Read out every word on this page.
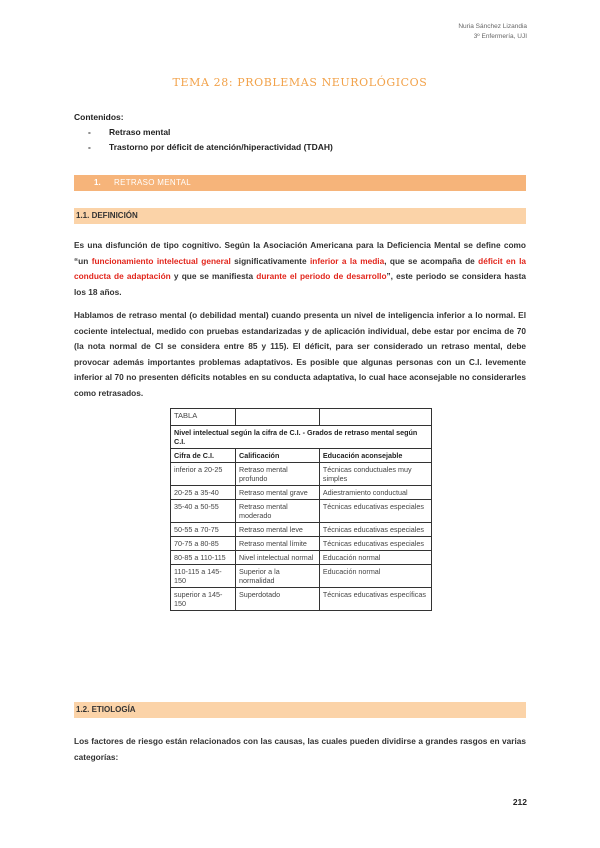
Nuria Sánchez Lizandia
3º Enfermería, UJI
TEMA 28: PROBLEMAS NEUROLÓGICOS
Contenidos:
- Retraso mental
- Trastorno por déficit de atención/hiperactividad (TDAH)
1. RETRASO MENTAL
1.1. DEFINICIÓN
Es una disfunción de tipo cognitivo. Según la Asociación Americana para la Deficiencia Mental se define como “un funcionamiento intelectual general significativamente inferior a la media, que se acompaña de déficit en la conducta de adaptación y que se manifiesta durante el periodo de desarrollo”, este periodo se considera hasta los 18 años.
Hablamos de retraso mental (o debilidad mental) cuando presenta un nivel de inteligencia inferior a lo normal. El cociente intelectual, medido con pruebas estandarizadas y de aplicación individual, debe estar por encima de 70 (la nota normal de CI se considera entre 85 y 115). El déficit, para ser considerado un retraso mental, debe provocar además importantes problemas adaptativos. Es posible que algunas personas con un C.I. levemente inferior al 70 no presenten déficits notables en su conducta adaptativa, lo cual hace aconsejable no considerarles como retrasados.
TABLA		
Nivel intelectual según la cifra de C.I. - Grados de retraso mental según C.I.		
Cifra de C.I.	Calificación	Educación aconsejable
inferior a 20-25	Retraso mental profundo	Técnicas conductuales muy simples
20-25 a 35-40	Retraso mental grave	Adiestramiento conductual
35-40 a 50-55	Retraso mental moderado	Técnicas educativas especiales
50-55 a 70-75	Retraso mental leve	Técnicas educativas especiales
70-75 a 80-85	Retraso mental límite	Técnicas educativas especiales
80-85 a 110-115	Nivel intelectual normal	Educación normal
110-115 a 145-150	Superior a la normalidad	Educación normal
superior a 145-150	Superdotado	Técnicas educativas específicas
1.2. ETIOLOGÍA
Los factores de riesgo están relacionados con las causas, las cuales pueden dividirse a grandes rasgos en varias categorías:
212
